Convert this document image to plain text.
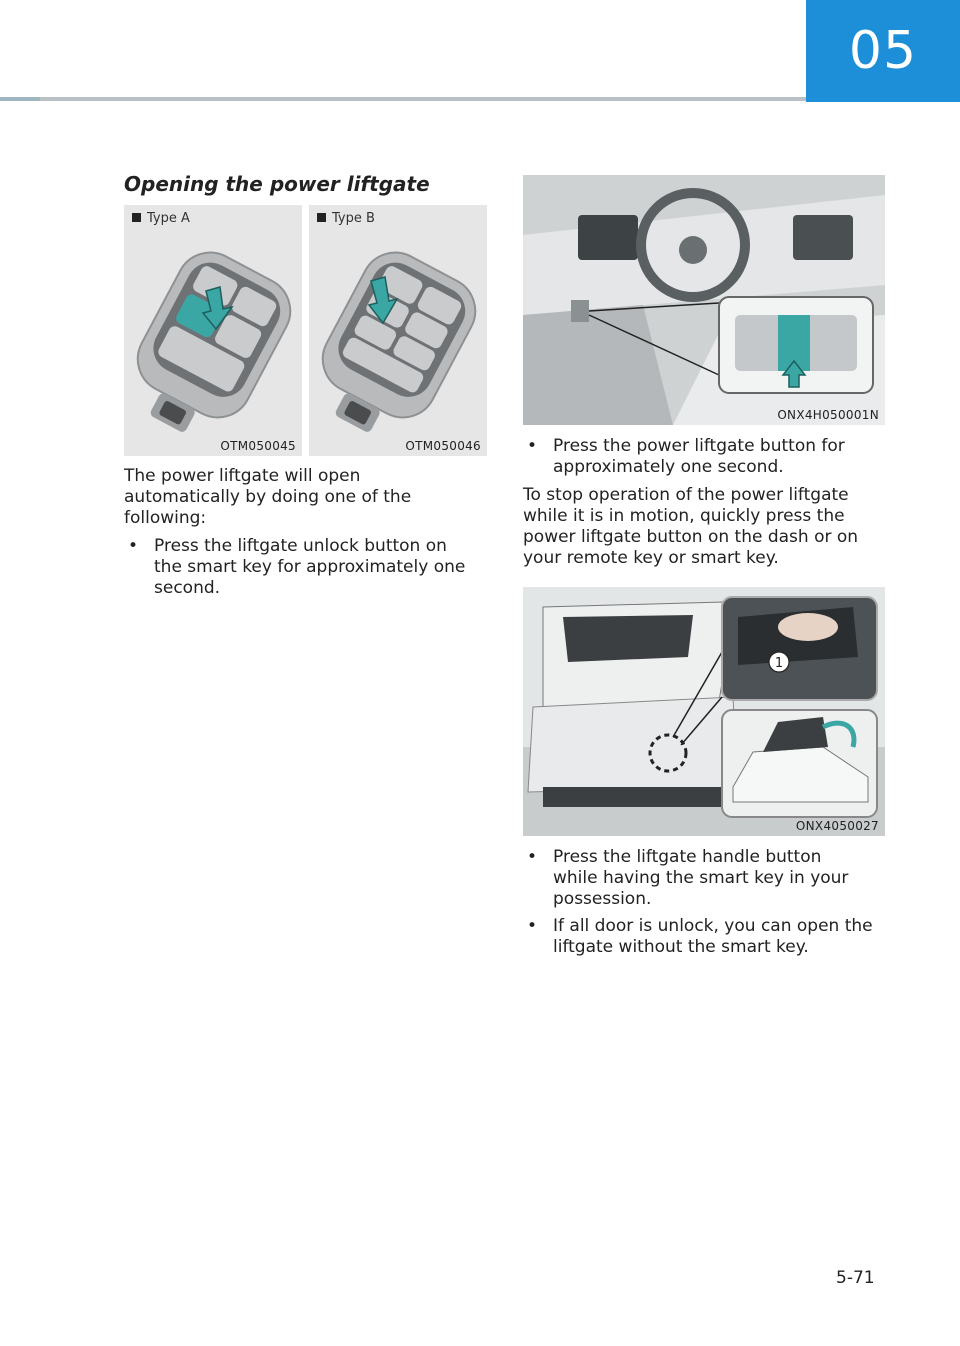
05
Opening the power liftgate
Type A
OTM050045
Type B
OTM050046
The power liftgate will open automatically by doing one of the following:
• Press the liftgate unlock button on the smart key for approximately one second.
ONX4H050001N
• Press the power liftgate button for approximately one second.
To stop operation of the power liftgate while it is in motion, quickly press the power liftgate button on the dash or on your remote key or smart key.
1
ONX4050027
• Press the liftgate handle button while having the smart key in your possession.
• If all door is unlock, you can open the liftgate without the smart key.
5-71
